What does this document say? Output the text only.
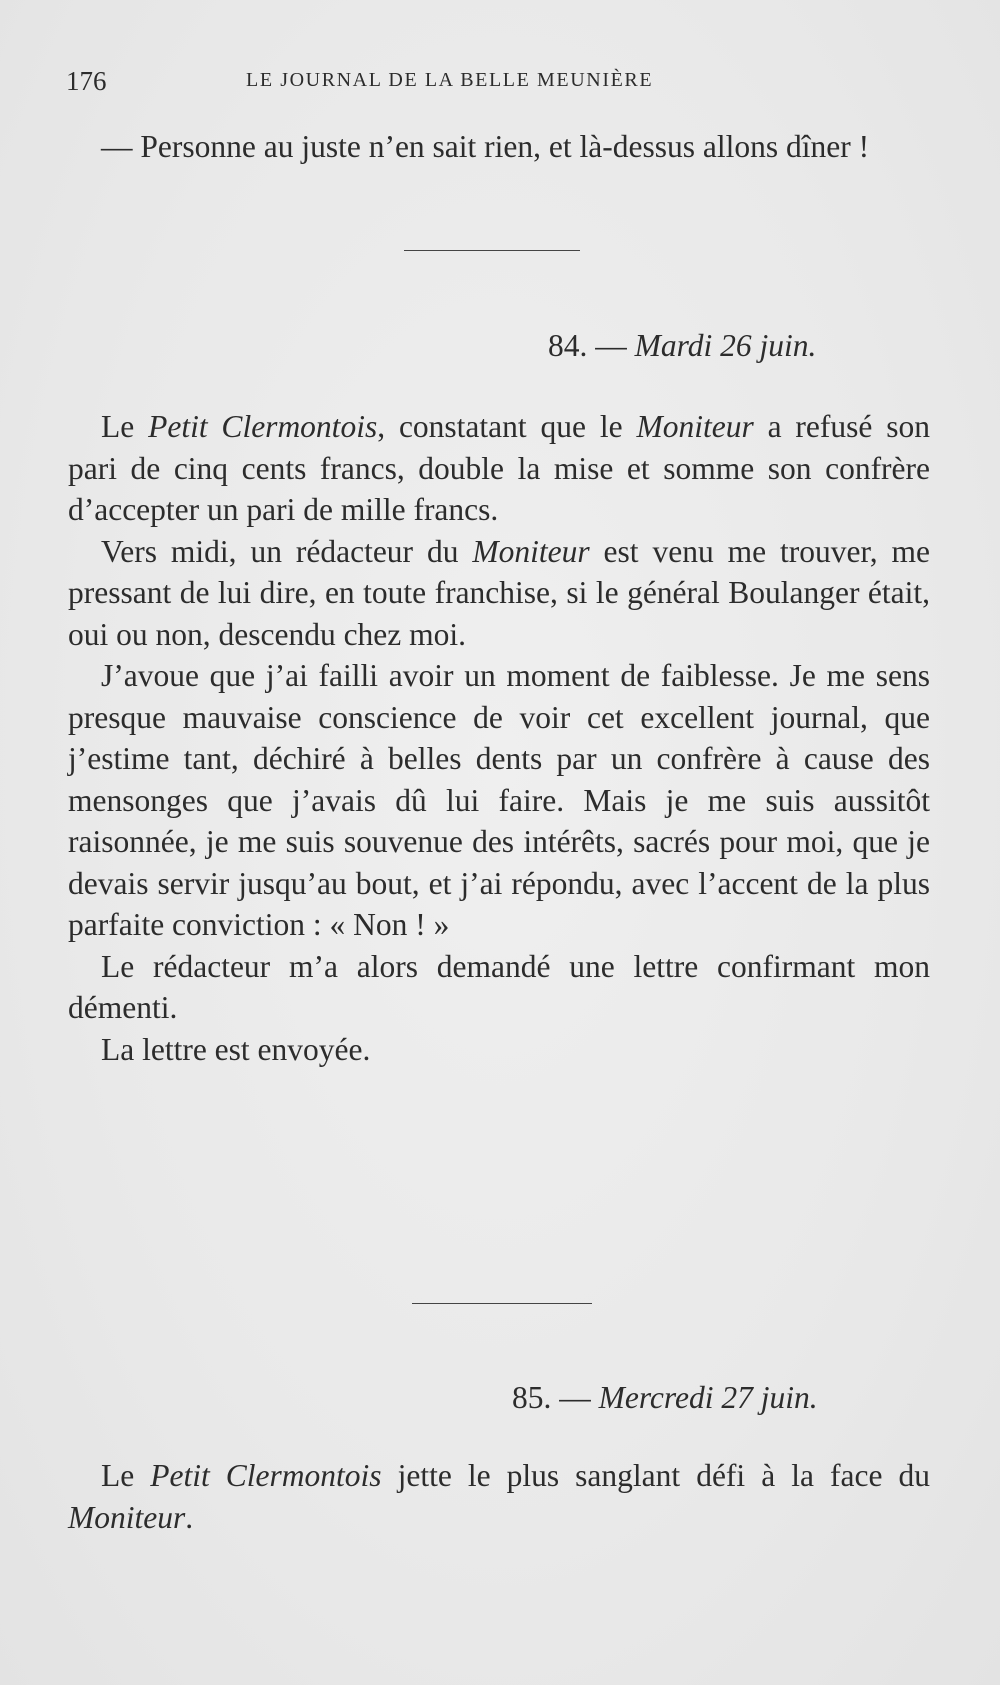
176	LE JOURNAL DE LA BELLE MEUNIÈRE

— Personne au juste n’en sait rien, et là-dessus allons dîner !

84. — Mardi 26 juin.

Le Petit Clermontois, constatant que le Moniteur a refusé son pari de cinq cents francs, double la mise et somme son confrère d’accepter un pari de mille francs.

Vers midi, un rédacteur du Moniteur est venu me trouver, me pressant de lui dire, en toute franchise, si le général Boulanger était, oui ou non, descendu chez moi.

J’avoue que j’ai failli avoir un moment de faiblesse. Je me sens presque mauvaise conscience de voir cet excellent journal, que j’estime tant, déchiré à belles dents par un confrère à cause des mensonges que j’avais dû lui faire. Mais je me suis aussitôt raisonnée, je me suis souvenue des intérêts, sacrés pour moi, que je devais servir jusqu’au bout, et j’ai répondu, avec l’accent de la plus parfaite conviction : « Non ! »

Le rédacteur m’a alors demandé une lettre confirmant mon démenti.

La lettre est envoyée.

85. — Mercredi 27 juin.

Le Petit Clermontois jette le plus sanglant défi à la face du Moniteur.
